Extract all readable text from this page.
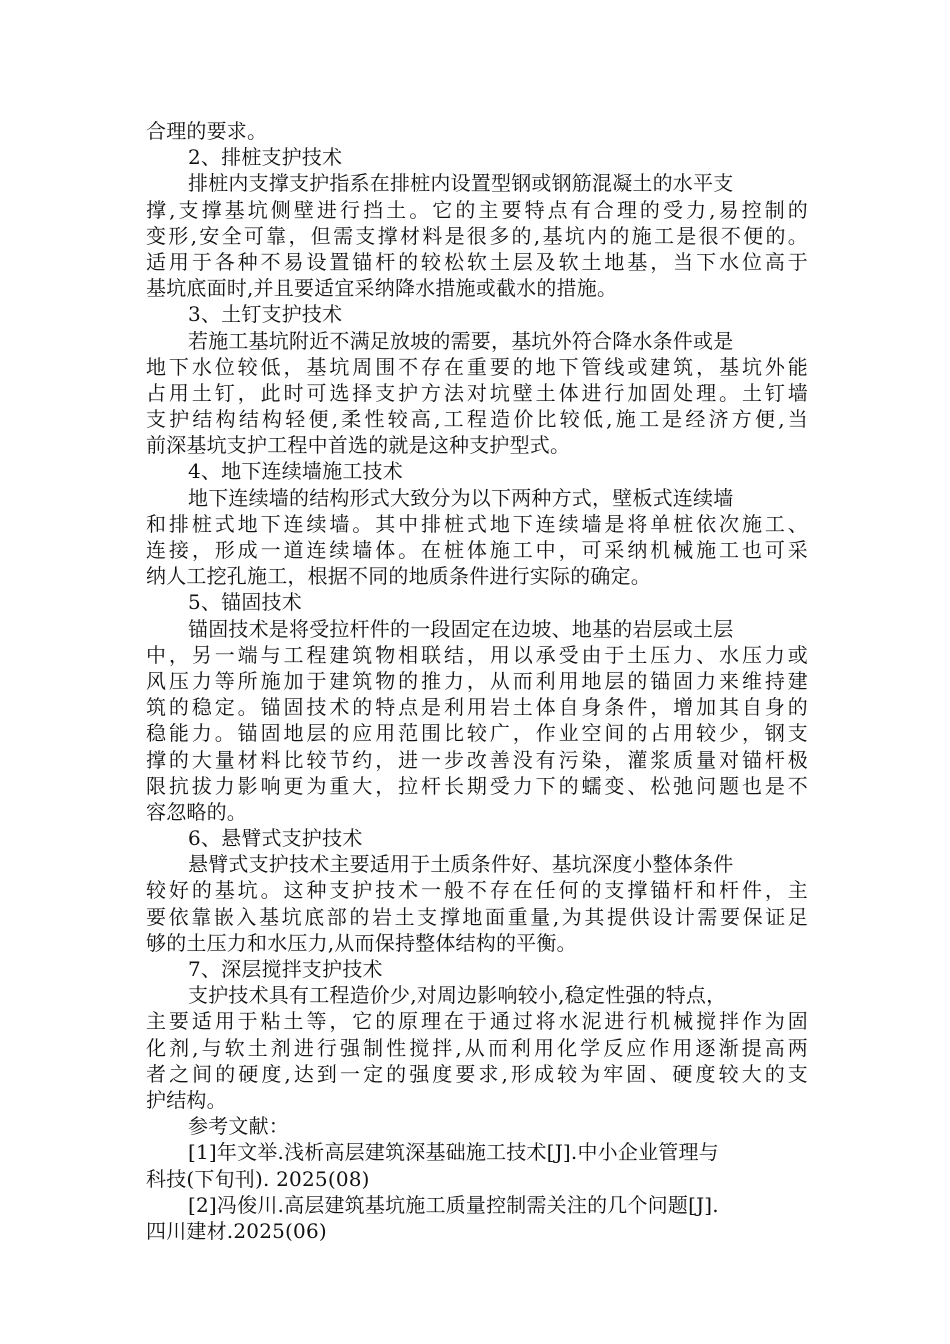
合理的要求。

2、排桩支护技术

排桩内支撑支护指系在排桩内设置型钢或钢筋混凝土的水平支

撑,支撑基坑侧壁进行挡土。它的主要特点有合理的受力,易控制的

变形,安全可靠，但需支撑材料是很多的,基坑内的施工是很不便的。

适用于各种不易设置锚杆的较松软土层及软土地基，当下水位高于

基坑底面时,并且要适宜采纳降水措施或截水的措施。

3、土钉支护技术

若施工基坑附近不满足放坡的需要，基坑外符合降水条件或是

地下水位较低，基坑周围不存在重要的地下管线或建筑，基坑外能

占用土钉，此时可选择支护方法对坑壁土体进行加固处理。土钉墙

支护结构结构轻便,柔性较高,工程造价比较低,施工是经济方便,当

前深基坑支护工程中首选的就是这种支护型式。

4、地下连续墙施工技术

地下连续墙的结构形式大致分为以下两种方式，壁板式连续墙

和排桩式地下连续墙。其中排桩式地下连续墙是将单桩依次施工、

连接，形成一道连续墙体。在桩体施工中，可采纳机械施工也可采

纳人工挖孔施工，根据不同的地质条件进行实际的确定。

5、锚固技术

锚固技术是将受拉杆件的一段固定在边坡、地基的岩层或土层

中，另一端与工程建筑物相联结，用以承受由于土压力、水压力或

风压力等所施加于建筑物的推力，从而利用地层的锚固力来维持建

筑的稳定。锚固技术的特点是利用岩土体自身条件，增加其自身的

稳能力。锚固地层的应用范围比较广，作业空间的占用较少，钢支

撑的大量材料比较节约，进一步改善没有污染，灌浆质量对锚杆极

限抗拔力影响更为重大，拉杆长期受力下的蠕变、松弛问题也是不

容忽略的。

6、悬臂式支护技术

悬臂式支护技术主要适用于土质条件好、基坑深度小整体条件

较好的基坑。这种支护技术一般不存在任何的支撑锚杆和杆件，主

要依靠嵌入基坑底部的岩土支撑地面重量,为其提供设计需要保证足

够的土压力和水压力,从而保持整体结构的平衡。

7、深层搅拌支护技术

支护技术具有工程造价少,对周边影响较小,稳定性强的特点，

主要适用于粘土等，它的原理在于通过将水泥进行机械搅拌作为固

化剂,与软土剂进行强制性搅拌,从而利用化学反应作用逐渐提高两

者之间的硬度,达到一定的强度要求,形成较为牢固、硬度较大的支

护结构。

参考文献：

[1]年文举.浅析高层建筑深基础施工技术[J].中小企业管理与

科技(下旬刊). 2025(08)

[2]冯俊川.高层建筑基坑施工质量控制需关注的几个问题[J].

四川建材.2025(06)
